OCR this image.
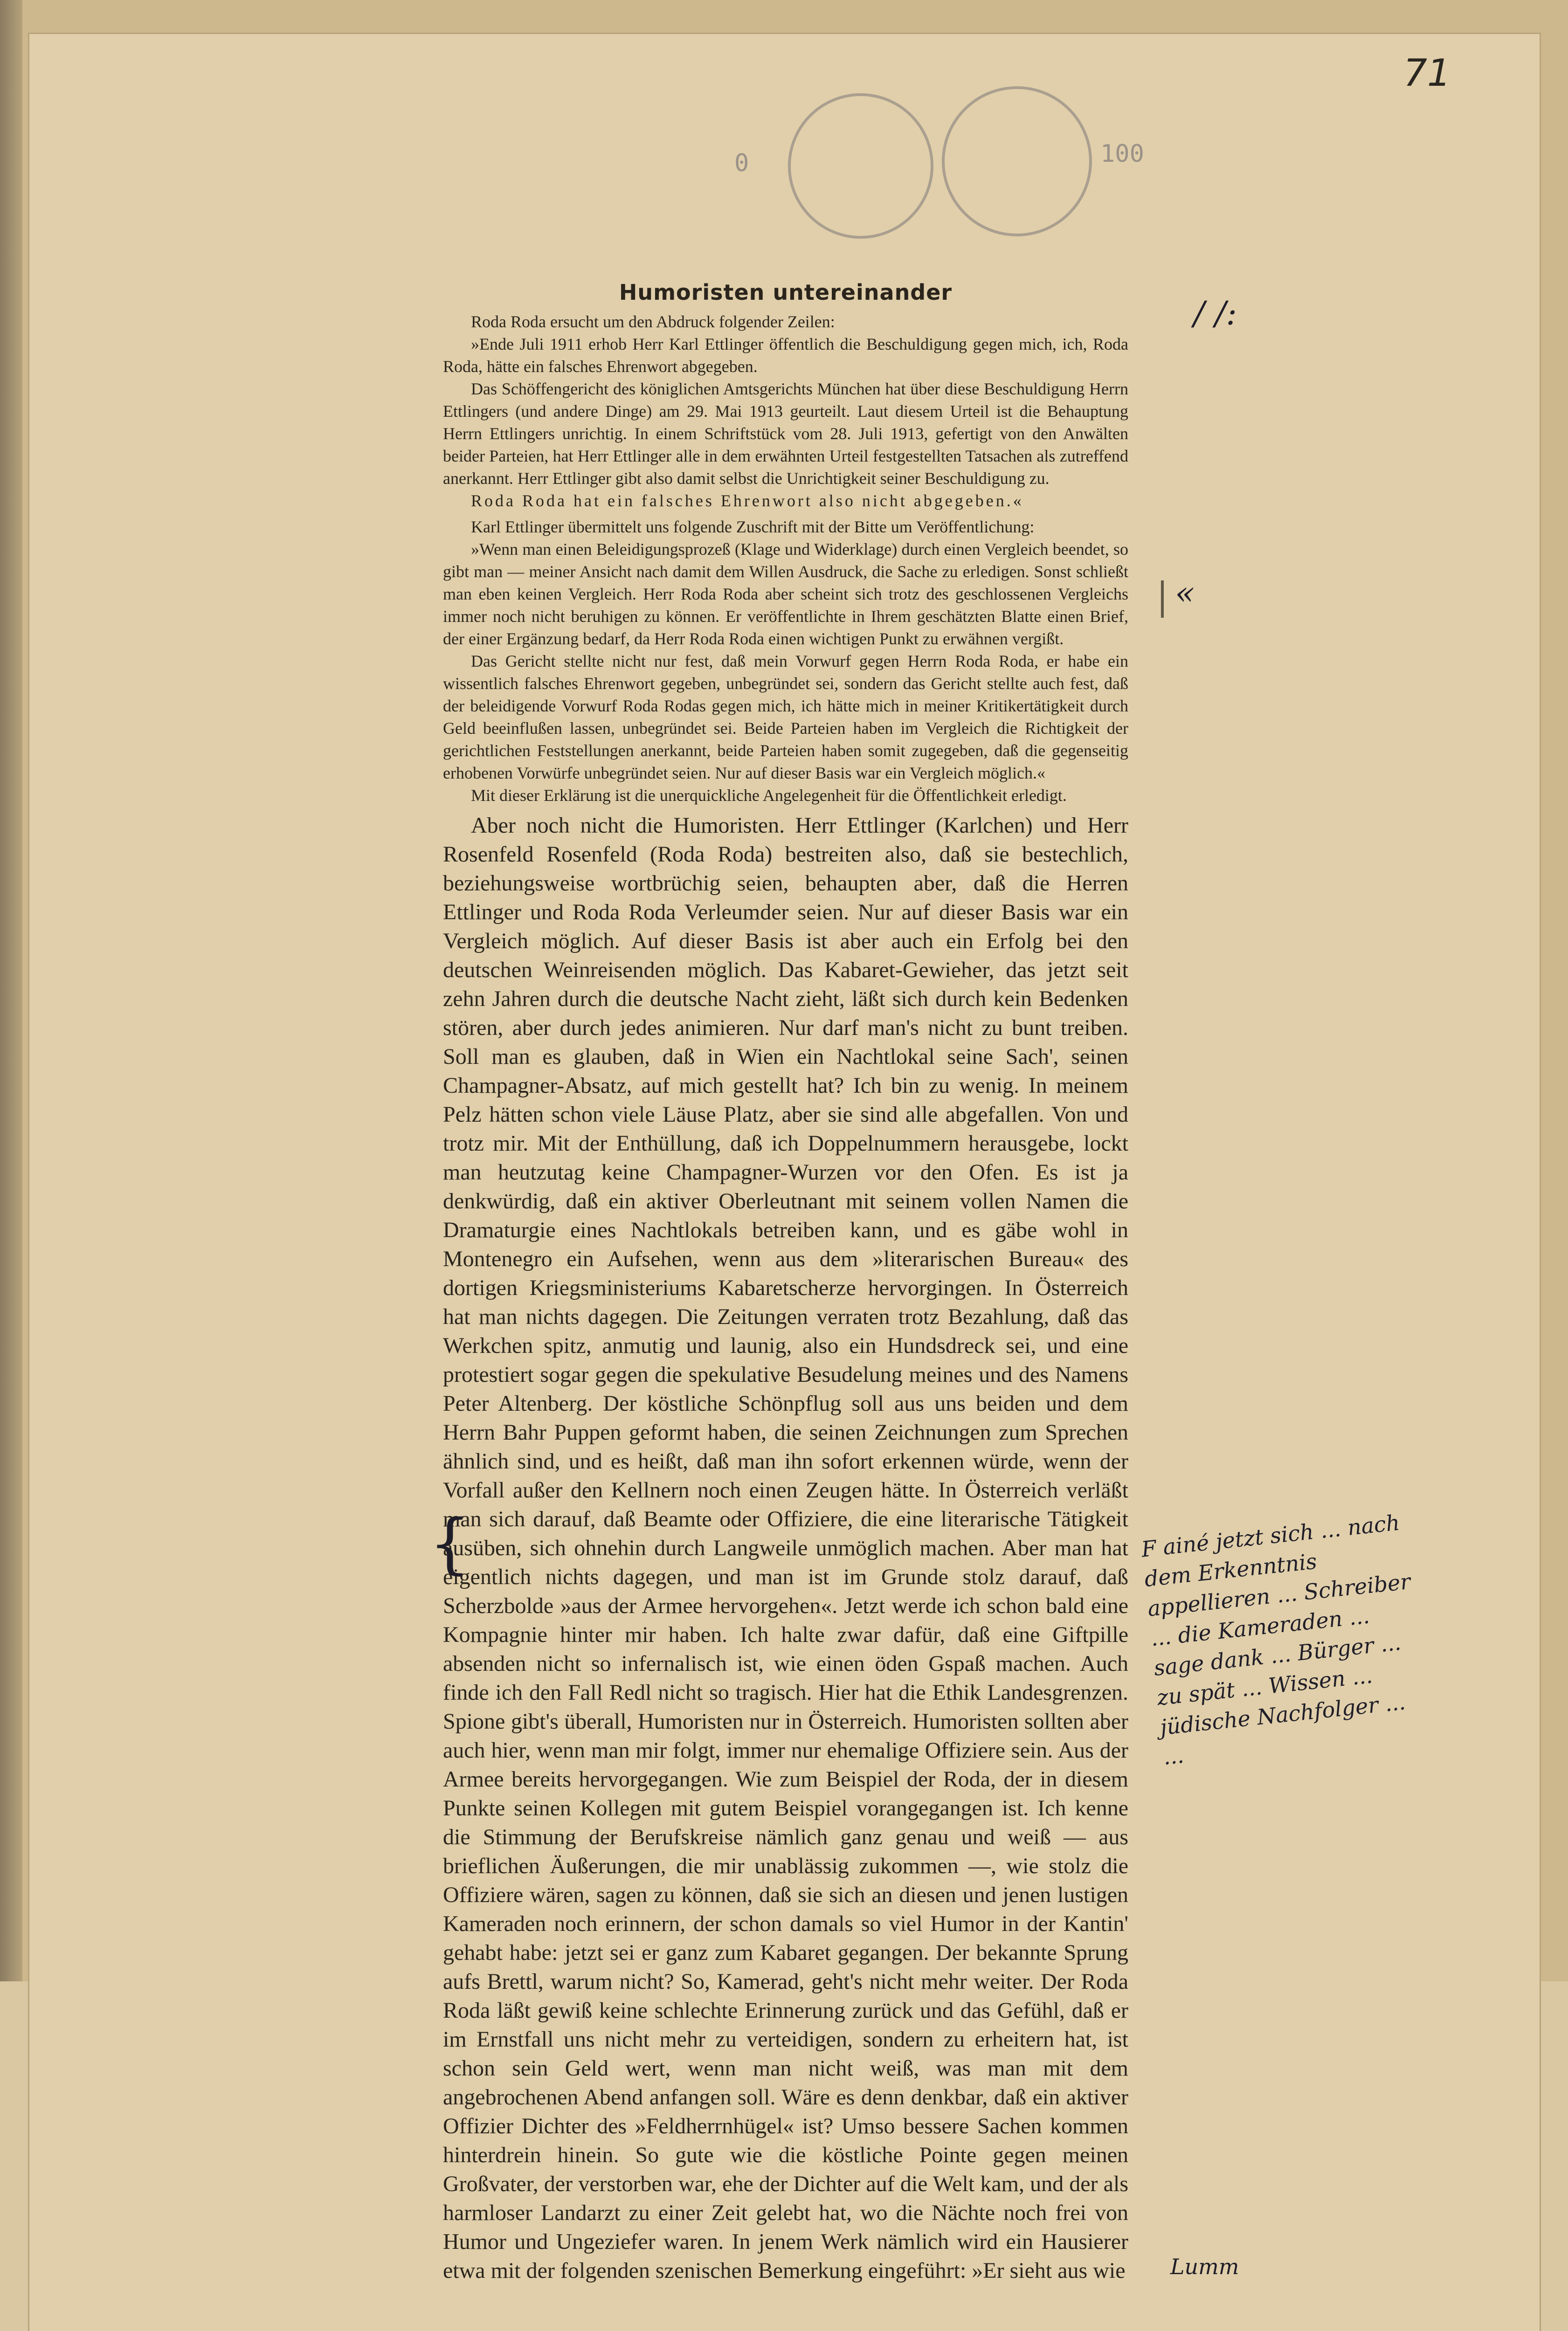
71
0	100
Humoristen untereinander

Roda Roda ersucht um den Abdruck folgender Zeilen:

»Ende Juli 1911 erhob Herr Karl Ettlinger öffentlich die Beschuldigung gegen mich, ich, Roda Roda, hätte ein falsches Ehrenwort abgegeben.

Das Schöffengericht des königlichen Amtsgerichts München hat über diese Beschuldigung Herrn Ettlingers (und andere Dinge) am 29. Mai 1913 geurteilt. Laut diesem Urteil ist die Behauptung Herrn Ettlingers unrichtig. In einem Schriftstück vom 28. Juli 1913, gefertigt von den Anwälten beider Parteien, hat Herr Ettlinger alle in dem erwähnten Urteil festgestellten Tatsachen als zutreffend anerkannt. Herr Ettlinger gibt also damit selbst die Unrichtigkeit seiner Beschuldigung zu.

Roda Roda hat ein falsches Ehrenwort also nicht abgegeben.«

Karl Ettlinger übermittelt uns folgende Zuschrift mit der Bitte um Veröffentlichung:

»Wenn man einen Beleidigungsprozeß (Klage und Widerklage) durch einen Vergleich beendet, so gibt man — meiner Ansicht nach damit dem Willen Ausdruck, die Sache zu erledigen. Sonst schließt man eben keinen Vergleich. Herr Roda Roda aber scheint sich trotz des geschlossenen Vergleichs immer noch nicht beruhigen zu können. Er veröffentlichte in Ihrem geschätzten Blatte einen Brief, der einer Ergänzung bedarf, da Herr Roda Roda einen wichtigen Punkt zu erwähnen vergißt.

Das Gericht stellte nicht nur fest, daß mein Vorwurf gegen Herrn Roda Roda, er habe ein wissentlich falsches Ehrenwort gegeben, unbegründet sei, sondern das Gericht stellte auch fest, daß der beleidigende Vorwurf Roda Rodas gegen mich, ich hätte mich in meiner Kritikertätigkeit durch Geld beeinflußen lassen, unbegründet sei. Beide Parteien haben im Vergleich die Richtigkeit der gerichtlichen Feststellungen anerkannt, beide Parteien haben somit zugegeben, daß die gegenseitig erhobenen Vorwürfe unbegründet seien. Nur auf dieser Basis war ein Vergleich möglich.«

Mit dieser Erklärung ist die unerquickliche Angelegenheit für die Öffentlichkeit erledigt.

Aber noch nicht die Humoristen. Herr Ettlinger (Karlchen) und Herr Rosenfeld Rosenfeld (Roda Roda) bestreiten also, daß sie bestechlich, beziehungsweise wortbrüchig seien, behaupten aber, daß die Herren Ettlinger und Roda Roda Verleumder seien. Nur auf dieser Basis war ein Vergleich möglich. Auf dieser Basis ist aber auch ein Erfolg bei den deutschen Weinreisenden möglich. Das Kabaret-Gewieher, das jetzt seit zehn Jahren durch die deutsche Nacht zieht, läßt sich durch kein Bedenken stören, aber durch jedes animieren. Nur darf man's nicht zu bunt treiben. Soll man es glauben, daß in Wien ein Nachtlokal seine Sach', seinen Champagner-Absatz, auf mich gestellt hat? Ich bin zu wenig. In meinem Pelz hätten schon viele Läuse Platz, aber sie sind alle abgefallen. Von und trotz mir. Mit der Enthüllung, daß ich Doppelnummern herausgebe, lockt man heutzutag keine Champagner-Wurzen vor den Ofen. Es ist ja denkwürdig, daß ein aktiver Oberleutnant mit seinem vollen Namen die Dramaturgie eines Nachtlokals betreiben kann, und es gäbe wohl in Montenegro ein Aufsehen, wenn aus dem »literarischen Bureau« des dortigen Kriegsministeriums Kabaretscherze hervorgingen. In Österreich hat man nichts dagegen. Die Zeitungen verraten trotz Bezahlung, daß das Werkchen spitz, anmutig und launig, also ein Hundsdreck sei, und eine protestiert sogar gegen die spekulative Besudelung meines und des Namens Peter Altenberg. Der köstliche Schönpflug soll aus uns beiden und dem Herrn Bahr Puppen geformt haben, die seinen Zeichnungen zum Sprechen ähnlich sind, und es heißt, daß man ihn sofort erkennen würde, wenn der Vorfall außer den Kellnern noch einen Zeugen hätte. In Österreich verläßt man sich darauf, daß Beamte oder Offiziere, die eine literarische Tätigkeit ausüben, sich ohnehin durch Langweile unmöglich machen. Aber man hat eigentlich nichts dagegen, und man ist im Grunde stolz darauf, daß Scherzbolde »aus der Armee hervorgehen«. Jetzt werde ich schon bald eine Kompagnie hinter mir haben. Ich halte zwar dafür, daß eine Giftpille absenden nicht so infernalisch ist, wie einen öden Gspaß machen. Auch finde ich den Fall Redl nicht so tragisch. Hier hat die Ethik Landesgrenzen. Spione gibt's überall, Humoristen nur in Österreich. Humoristen sollten aber auch hier, wenn man mir folgt, immer nur ehemalige Offiziere sein. Aus der Armee bereits hervorgegangen. Wie zum Beispiel der Roda, der in diesem Punkte seinen Kollegen mit gutem Beispiel vorangegangen ist. Ich kenne die Stimmung der Berufskreise nämlich ganz genau und weiß — aus brieflichen Äußerungen, die mir unablässig zukommen —, wie stolz die Offiziere wären, sagen zu können, daß sie sich an diesen und jenen lustigen Kameraden noch erinnern, der schon damals so viel Humor in der Kantin' gehabt habe: jetzt sei er ganz zum Kabaret gegangen. Der bekannte Sprung aufs Brettl, warum nicht? So, Kamerad, geht's nicht mehr weiter. Der Roda Roda läßt gewiß keine schlechte Erinnerung zurück und das Gefühl, daß er im Ernstfall uns nicht mehr zu verteidigen, sondern zu erheitern hat, ist schon sein Geld wert, wenn man nicht weiß, was man mit dem angebrochenen Abend anfangen soll. Wäre es denn denkbar, daß ein aktiver Offizier Dichter des »Feldherrnhügel« ist? Umso bessere Sachen kommen hinterdrein hinein. So gute wie die köstliche Pointe gegen meinen Großvater, der verstorben war, ehe der Dichter auf die Welt kam, und der als harmloser Landarzt zu einer Zeit gelebt hat, wo die Nächte noch frei von Humor und Ungeziefer waren. In jenem Werk nämlich wird ein Hausierer etwa mit der folgenden szenischen Bemerkung eingeführt: »Er sieht aus wie

/ /:
«
F ainé jetzt sich ... nach dem Erkenntnis appellieren ... Schreiber ... die Kameraden ... sage dank ... Bürger ... zu spät ... Wissen ... jüdische Nachfolger ... ...
{
Lumm
